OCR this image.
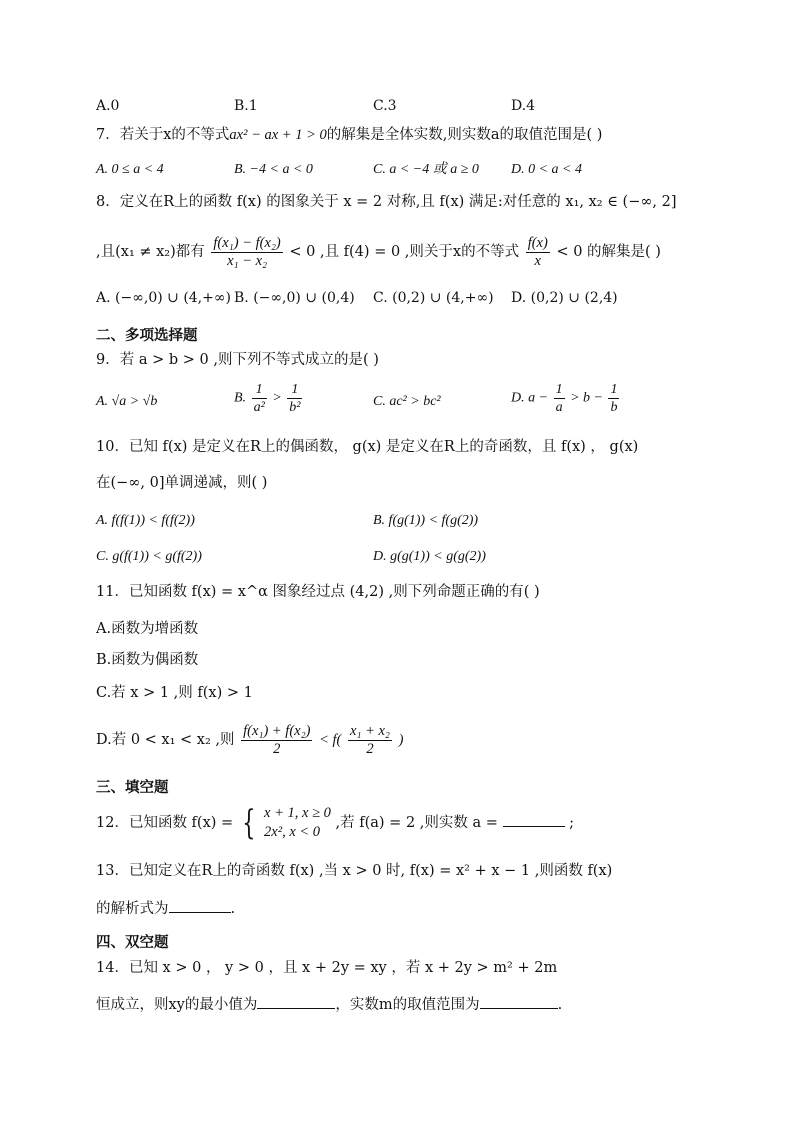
A.0	B.1	C.3	D.4
7．若关于x的不等式ax² − ax + 1 > 0的解集是全体实数,则实数a的取值范围是( )
A. 0 ≤ a < 4	B. −4 < a < 0	C. a < −4 或 a ≥ 0 D. 0 < a < 4
8．定义在R上的函数 f(x) 的图象关于 x = 2 对称,且 f(x) 满足:对任意的 x₁, x₂ ∈ (−∞, 2]
,且(x₁ ≠ x₂)都有 $\frac{\text{f(x₁) − f(x₂)}}{\text{x₁ − x₂}} < 0$ ,且 f(4) = 0 ,则关于x的不等式 $\frac{f(x)}{x} < 0$ 的解集是( )
A. (−∞,0) ∪ (4,+∞) B. (−∞,0) ∪ (0,4) C. (0,2) ∪ (4,+∞) D. (0,2) ∪ (2,4)
二、多项选择题
9．若 a > b > 0 ,则下列不等式成立的是( )
A. √a > √b	B. $\frac{1}{\text{a²}} > \frac{1}{\text{b²}}$	C. ac² > bc²	D. $a - \frac{1}{a} > b - \frac{1}{b}$
10．已知 f(x) 是定义在R上的偶函数， g(x) 是定义在R上的奇函数，且 f(x) ， g(x)
在(−∞, 0]单调递减，则( )
A. f(f(1)) < f(f(2))	B. f(g(1)) < f(g(2))
C. g(f(1)) < g(f(2))	D. g(g(1)) < g(g(2))
11．已知函数 f(x) = x^α 图象经过点 (4,2) ,则下列命题正确的有( )
A.函数为增函数
B.函数为偶函数
C.若 x > 1 ,则 f(x) > 1
D.若 0 < x₁ < x₂ ,则 $\frac{\text{f(x₁) + f(x₂)}}{2} < f( \frac{\text{x₁ + x₂}}{2}$ )
三、填空题
12．已知函数 f(x) = { x + 1, x ≥ 0
2x², x < 0
,若 f(a) = 2 ,则实数 a =	;
13．已知定义在R上的奇函数 f(x) ,当 x > 0 时, f(x) = x² + x − 1 ,则函数 f(x)
的解析式为	.
四、双空题
14．已知 x > 0 ， y > 0 ，且 x + 2y = xy ，若 x + 2y > m² + 2m
恒成立，则xy的最小值为	，实数m的取值范围为	.
